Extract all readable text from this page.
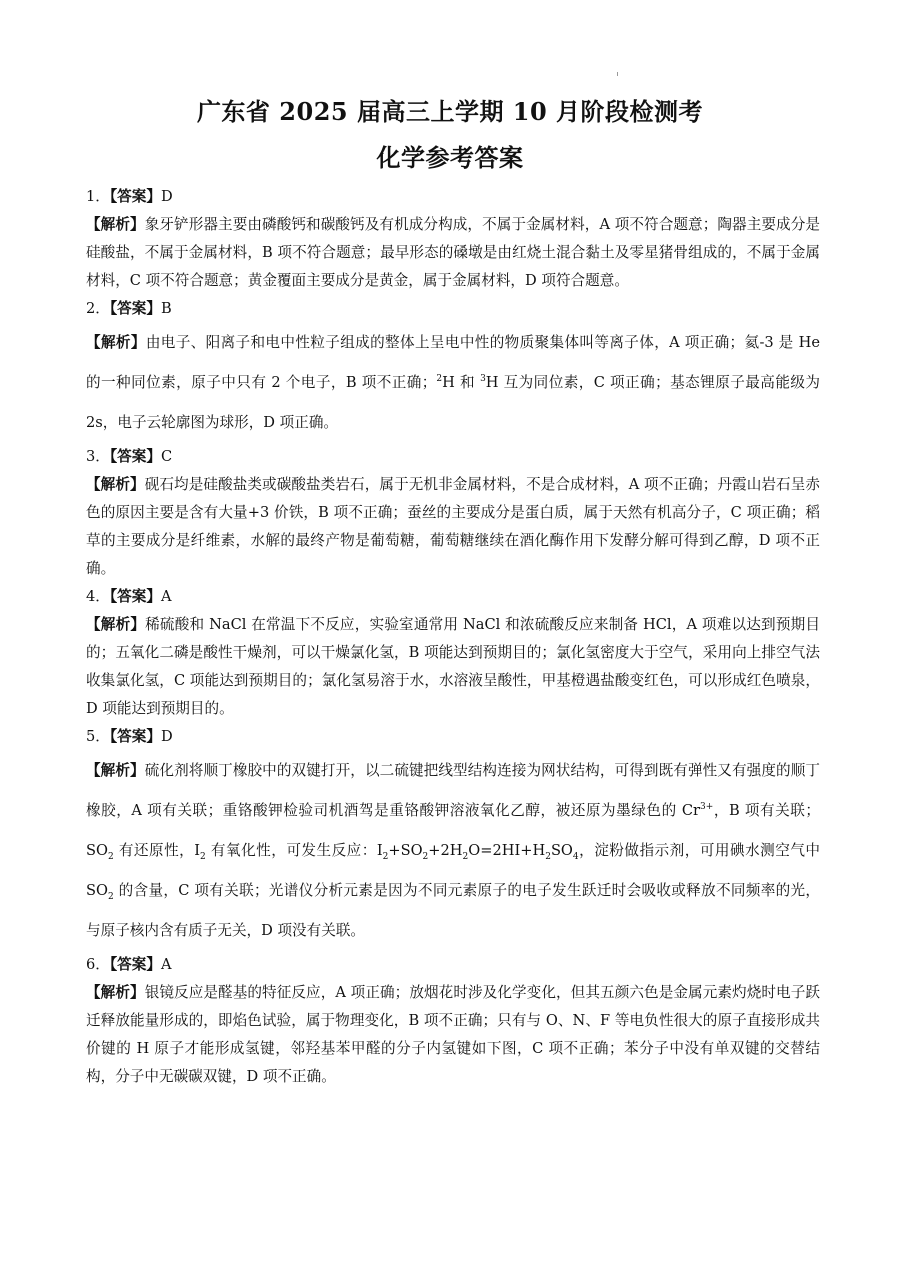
广东省 2025 届高三上学期 10 月阶段检测考
化学参考答案

1．【答案】D

【解析】象牙铲形器主要由磷酸钙和碳酸钙及有机成分构成，不属于金属材料，A 项不符合题意；陶器主要成分是硅酸盐，不属于金属材料，B 项不符合题意；最早形态的磉墩是由红烧土混合黏土及零星猪骨组成的，不属于金属材料，C 项不符合题意；黄金覆面主要成分是黄金，属于金属材料，D 项符合题意。

2．【答案】B

【解析】由电子、阳离子和电中性粒子组成的整体上呈电中性的物质聚集体叫等离子体，A 项正确；氦-3 是 He 的一种同位素，原子中只有 2 个电子，B 项不正确；$^2$H 和 $^3$H 互为同位素，C 项正确；基态锂原子最高能级为 2s，电子云轮廓图为球形，D 项正确。

3．【答案】C

【解析】砚石均是硅酸盐类或碳酸盐类岩石，属于无机非金属材料，不是合成材料，A 项不正确；丹霞山岩石呈赤色的原因主要是含有大量+3 价铁，B 项不正确；蚕丝的主要成分是蛋白质，属于天然有机高分子，C 项正确；稻草的主要成分是纤维素，水解的最终产物是葡萄糖，葡萄糖继续在酒化酶作用下发酵分解可得到乙醇，D 项不正确。

4．【答案】A

【解析】稀硫酸和 NaCl 在常温下不反应，实验室通常用 NaCl 和浓硫酸反应来制备 HCl，A 项难以达到预期目的；五氧化二磷是酸性干燥剂，可以干燥氯化氢，B 项能达到预期目的；氯化氢密度大于空气，采用向上排空气法收集氯化氢，C 项能达到预期目的；氯化氢易溶于水，水溶液呈酸性，甲基橙遇盐酸变红色，可以形成红色喷泉，D 项能达到预期目的。

5．【答案】D

【解析】硫化剂将顺丁橡胶中的双键打开，以二硫键把线型结构连接为网状结构，可得到既有弹性又有强度的顺丁橡胶，A 项有关联；重铬酸钾检验司机酒驾是重铬酸钾溶液氧化乙醇，被还原为墨绿色的 $Cr^{3+}$，B 项有关联；$SO_2$ 有还原性，$I_2$ 有氧化性，可发生反应：$I_2+SO_2+2H_2O=2HI+H_2SO_4$，淀粉做指示剂，可用碘水测空气中 $SO_2$ 的含量，C 项有关联；光谱仪分析元素是因为不同元素原子的电子发生跃迁时会吸收或释放不同频率的光，与原子核内含有质子无关，D 项没有关联。

6．【答案】A

【解析】银镜反应是醛基的特征反应，A 项正确；放烟花时涉及化学变化，但其五颜六色是金属元素灼烧时电子跃迁释放能量形成的，即焰色试验，属于物理变化，B 项不正确；只有与 O、N、F 等电负性很大的原子直接形成共价键的 H 原子才能形成氢键，邻羟基苯甲醛的分子内氢键如下图，C 项不正确；苯分子中没有单双键的交替结构，分子中无碳碳双键，D 项不正确。
